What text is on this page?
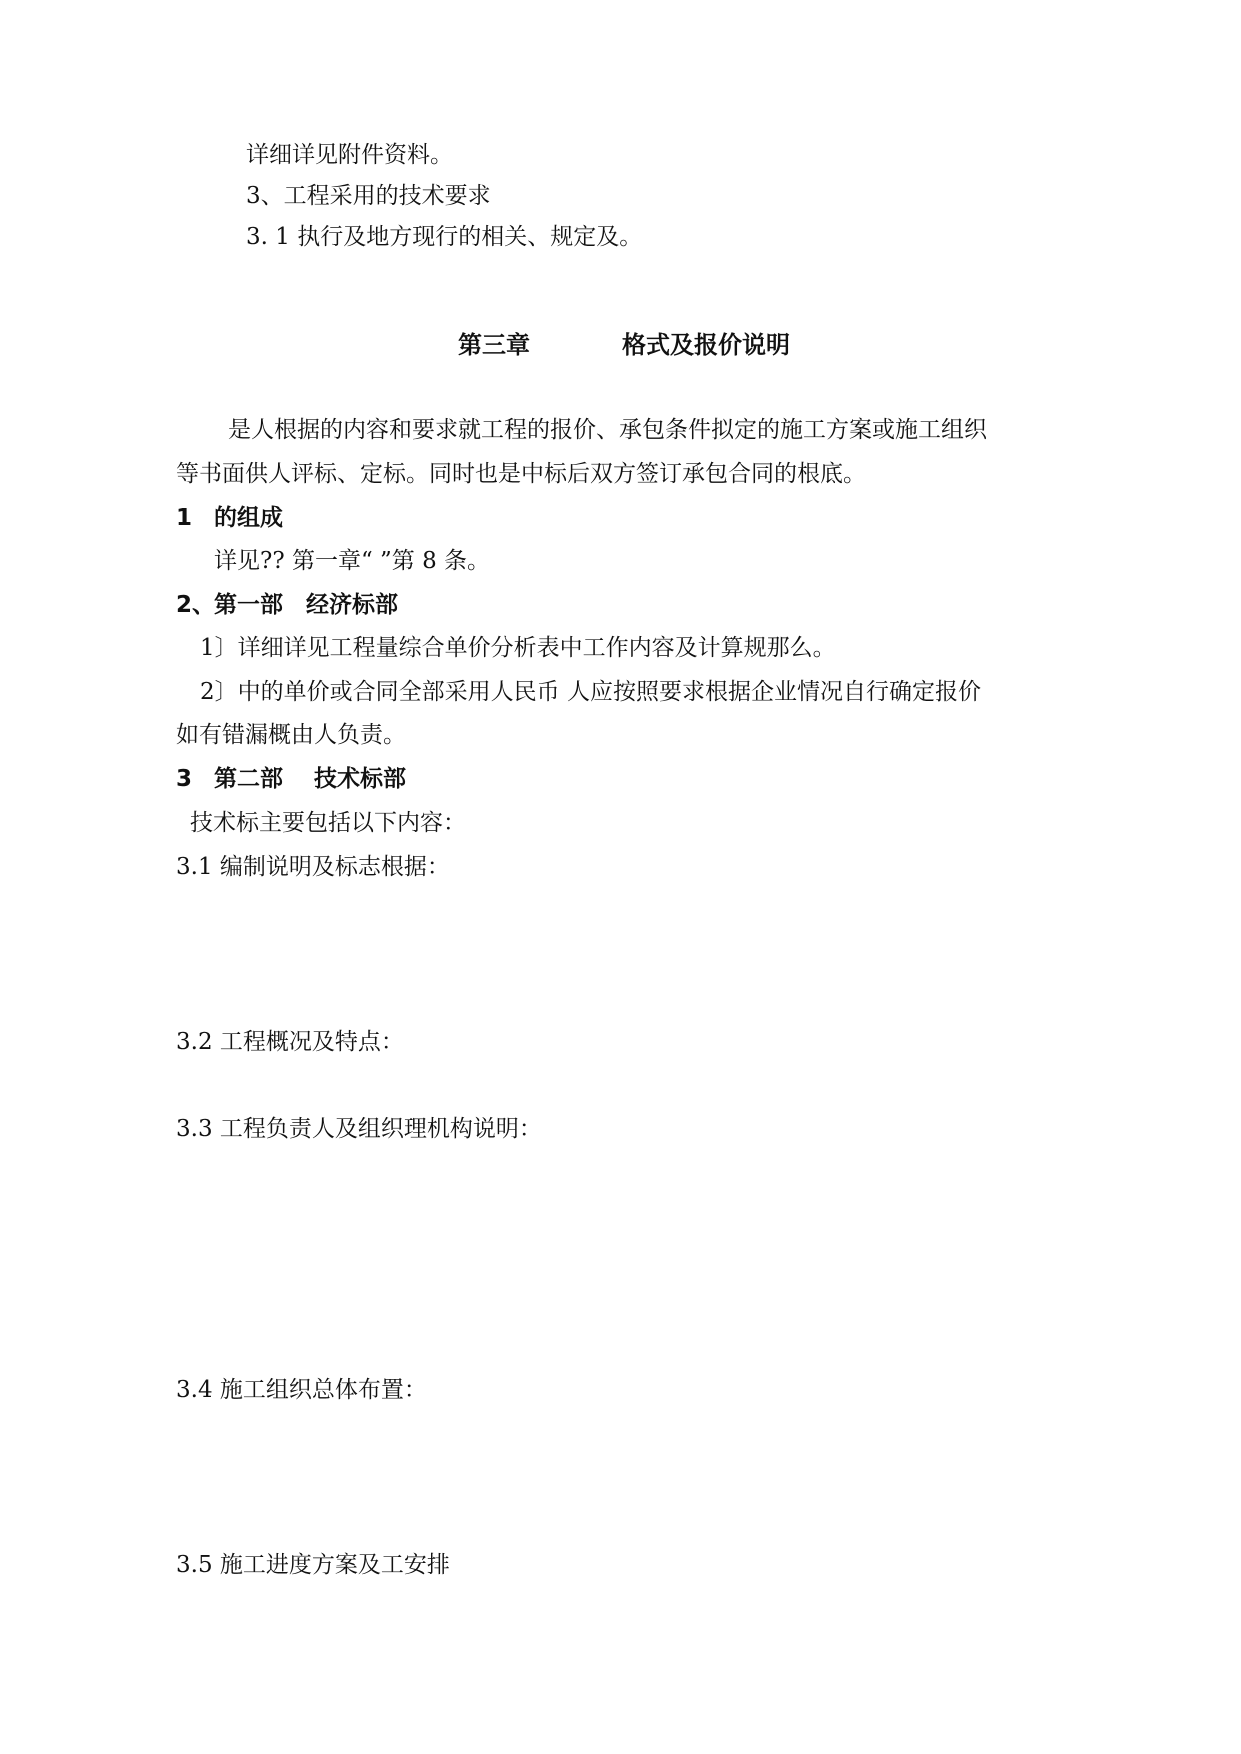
详细详见附件资料。
3、工程采用的技术要求
3. 1 执行及地方现行的相关、规定及。
第三章	格式及报价说明
是人根据的内容和要求就工程的报价、承包条件拟定的施工方案或施工组织
等书面供人评标、定标。同时也是中标后双方签订承包合同的根底。
1 的组成
详见?? 第一章“ ”第 8 条。
2、
第一部　经济标部
1〕详细详见工程量综合单价分析表中工作内容及计算规那么。
2〕中的单价或合同全部采用人民币 人应按照要求根据企业情况自行确定报价
如有错漏概由人负责。
3 第二部　 技术标部
技术标主要包括以下内容：
3.1 编制说明及标志根据：
3.2 工程概况及特点：
3.3 工程负责人及组织理机构说明：
3.4 施工组织总体布置：
3.5 施工进度方案及工安排
